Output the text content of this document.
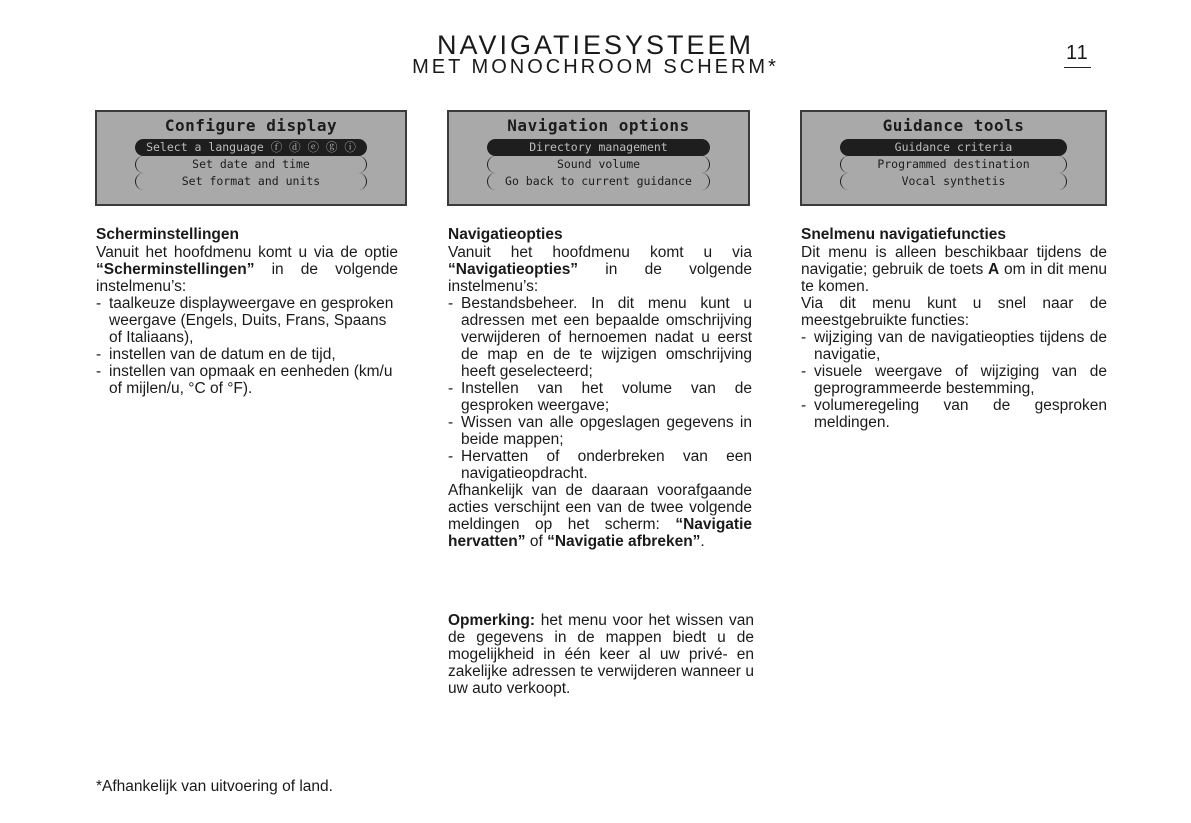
NAVIGATIESYSTEEM
MET MONOCHROOM SCHERM*
11
Configure display
Select a language ⓕ ⓓ ⓔ ⓖ ⓘ
Set date and time
Set format and units
Navigation options
Directory management
Sound volume
Go back to current guidance
Guidance tools
Guidance criteria
Programmed destination
Vocal synthetis
Scherminstellingen

Vanuit het hoofdmenu komt u via de optie “Scherminstellingen” in de volgende instelmenu’s:

- taalkeuze displayweergave en gesproken weergave (Engels, Duits, Frans, Spaans of Italiaans),
- instellen van de datum en de tijd,
- instellen van opmaak en eenheden (km/u of mijlen/u, °C of °F).
Navigatieopties

Vanuit het hoofdmenu komt u via “Navigatieopties” in de volgende instelmenu’s:

- Bestandsbeheer. In dit menu kunt u adressen met een bepaalde omschrijving verwijderen of hernoemen nadat u eerst de map en de te wijzigen omschrijving heeft geselecteerd;
- Instellen van het volume van de gesproken weergave;
- Wissen van alle opgeslagen gegevens in beide mappen;
- Hervatten of onderbreken van een navigatieopdracht.

Afhankelijk van de daaraan voorafgaande acties verschijnt een van de twee volgende meldingen op het scherm: “Navigatie hervatten” of “Navigatie afbreken”.

Snelmenu navigatiefuncties

Dit menu is alleen beschikbaar tijdens de navigatie; gebruik de toets A om in dit menu te komen.

Via dit menu kunt u snel naar de meestgebruikte functies:

- wijziging van de navigatieopties tijdens de navigatie,
- visuele weergave of wijziging van de geprogrammeerde bestemming,
- volumeregeling van de gesproken meldingen.
Opmerking: het menu voor het wissen van de gegevens in de mappen biedt u de mogelijkheid in één keer al uw privé- en zakelijke adressen te verwijderen wanneer u uw auto verkoopt.
*Afhankelijk van uitvoering of land.
